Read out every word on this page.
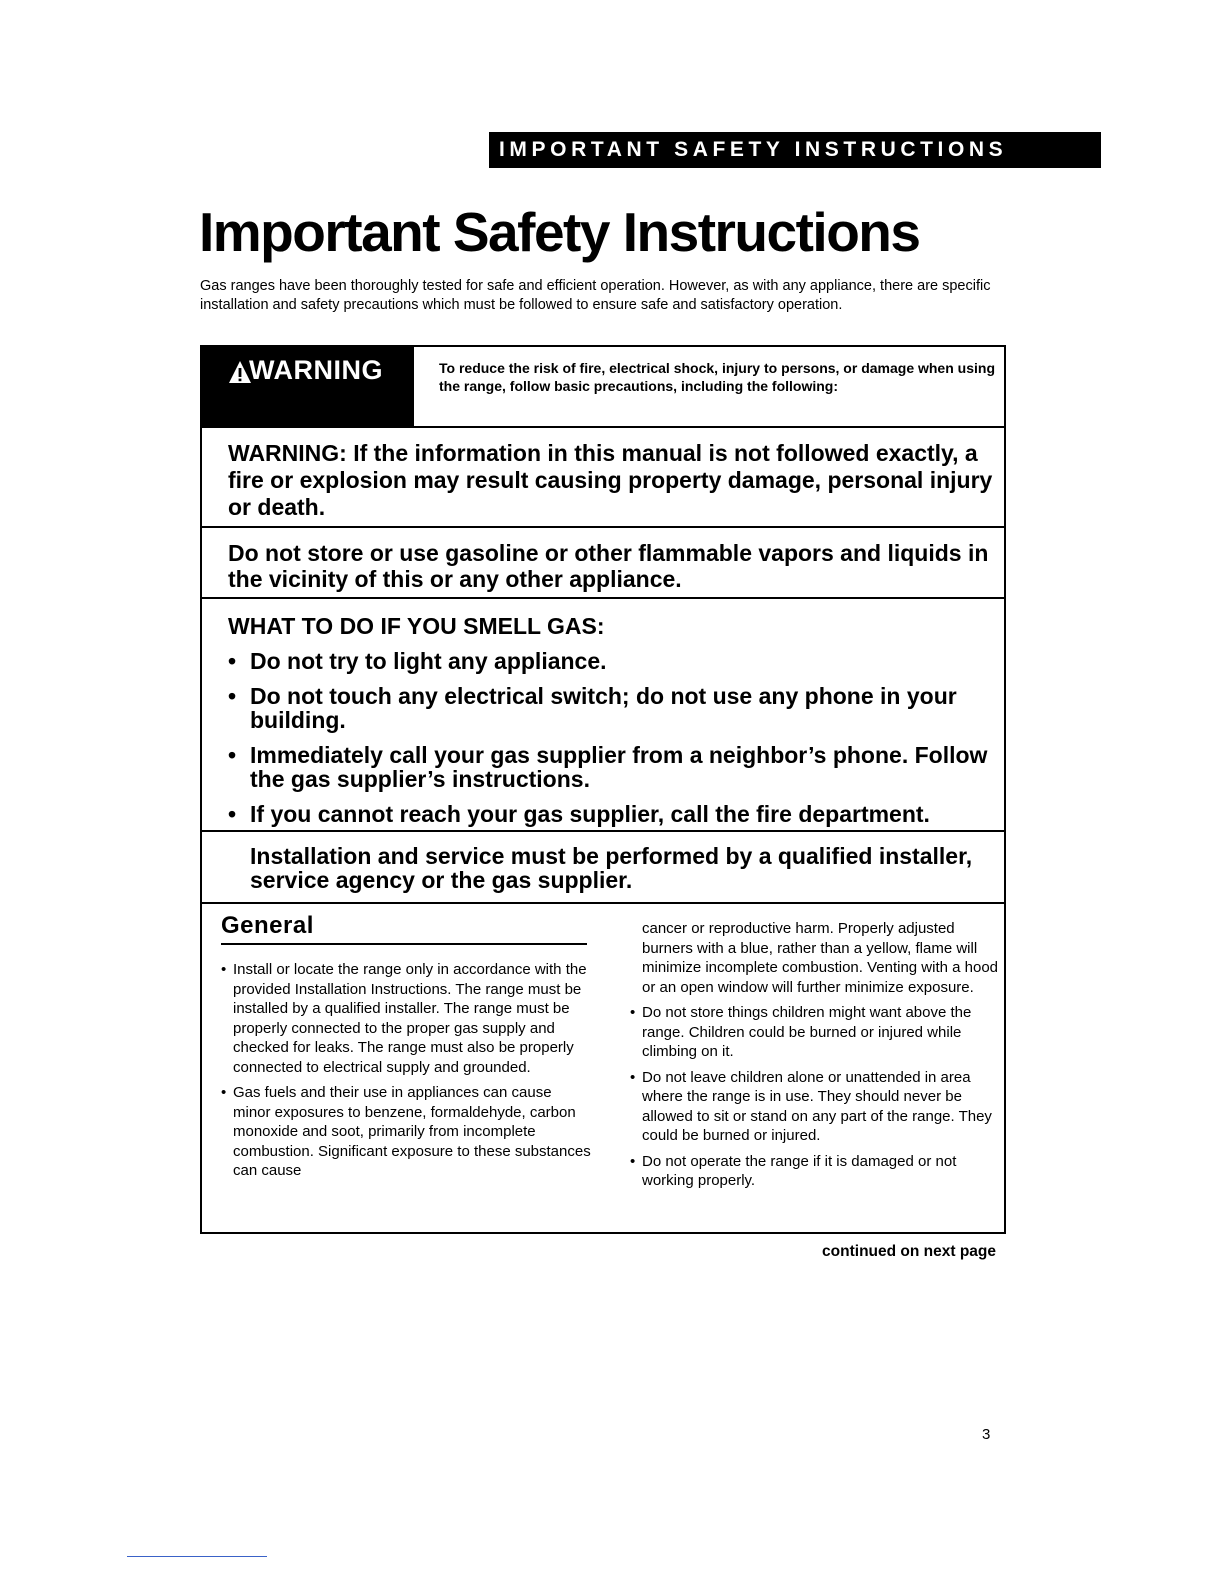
IMPORTANT SAFETY INSTRUCTIONS
Important Safety Instructions
Gas ranges have been thoroughly tested for safe and efficient operation. However, as with any appliance, there are specific installation and safety precautions which must be followed to ensure safe and satisfactory operation.
WARNING	To reduce the risk of fire, electrical shock, injury to persons, or damage when using the range, follow basic precautions, including the following:
WARNING: If the information in this manual is not followed exactly, a fire or explosion may result causing property damage, personal injury or death.
Do not store or use gasoline or other flammable vapors and liquids in the vicinity of this or any other appliance.
WHAT TO DO IF YOU SMELL GAS:
• Do not try to light any appliance.
• Do not touch any electrical switch; do not use any phone in your building.
• Immediately call your gas supplier from a neighbor’s phone. Follow the gas supplier’s instructions.
• If you cannot reach your gas supplier, call the fire department.
Installation and service must be performed by a qualified installer, service agency or the gas supplier.
General
• Install or locate the range only in accordance with the provided Installation Instructions. The range must be installed by a qualified installer. The range must be properly connected to the proper gas supply and checked for leaks. The range must also be properly connected to electrical supply and grounded.
• Gas fuels and their use in appliances can cause minor exposures to benzene, formaldehyde, carbon monoxide and soot, primarily from incomplete combustion. Significant exposure to these substances can cause
cancer or reproductive harm. Properly adjusted burners with a blue, rather than a yellow, flame will minimize incomplete combustion. Venting with a hood or an open window will further minimize exposure.
• Do not store things children might want above the range. Children could be burned or injured while climbing on it.
• Do not leave children alone or unattended in area where the range is in use. They should never be allowed to sit or stand on any part of the range. They could be burned or injured.
• Do not operate the range if it is damaged or not working properly.
continued on next page
3
